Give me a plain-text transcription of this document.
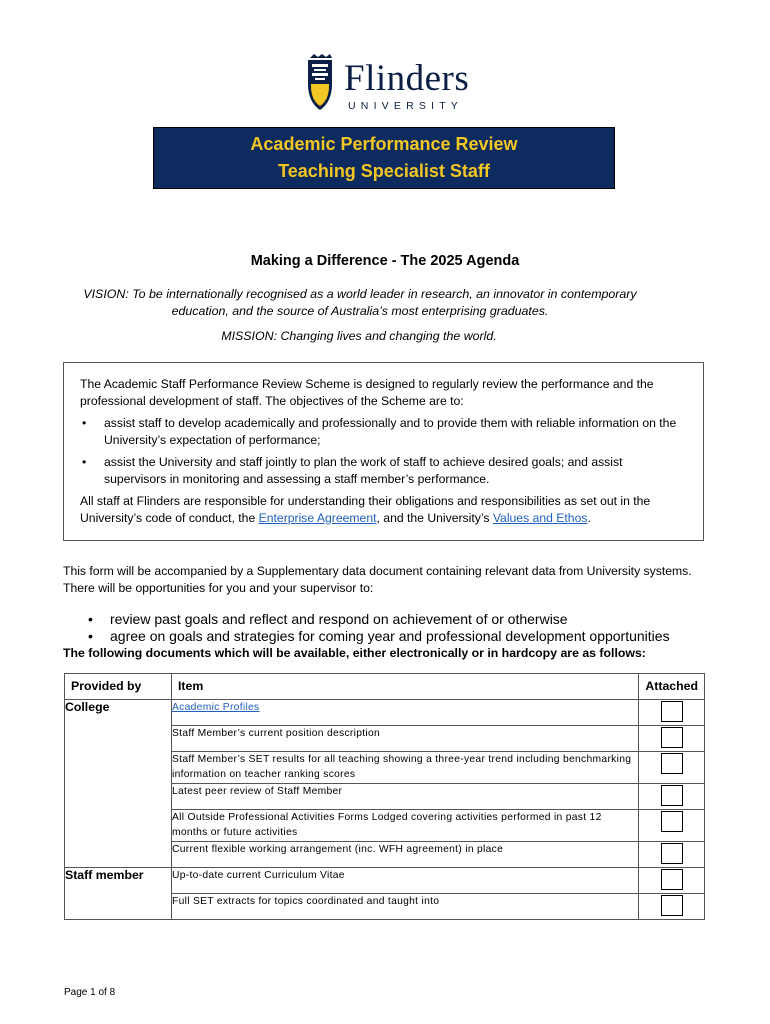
Flinders
UNIVERSITY
Academic Performance Review
Teaching Specialist Staff
Making a Difference - The 2025 Agenda
VISION: To be internationally recognised as a world leader in research, an innovator in contemporary education, and the source of Australia’s most enterprising graduates.
MISSION: Changing lives and changing the world.

The Academic Staff Performance Review Scheme is designed to regularly review the performance and the professional development of staff. The objectives of the Scheme are to:

• assist staff to develop academically and professionally and to provide them with reliable information on the University’s expectation of performance;
• assist the University and staff jointly to plan the work of staff to achieve desired goals; and assist supervisors in monitoring and assessing a staff member’s performance.

All staff at Flinders are responsible for understanding their obligations and responsibilities as set out in the University’s code of conduct, the Enterprise Agreement, and the University’s Values and Ethos.

This form will be accompanied by a Supplementary data document containing relevant data from University systems. There will be opportunities for you and your supervisor to:
• review past goals and reflect and respond on achievement of or otherwise
• agree on goals and strategies for coming year and professional development opportunities
The following documents which will be available, either electronically or in hardcopy are as follows:
Provided by	Item	Attached
College	Academic Profiles	
	Staff Member’s current position description	
	Staff Member’s SET results for all teaching showing a three-year trend including benchmarking information on teacher ranking scores	
	Latest peer review of Staff Member	
	All Outside Professional Activities Forms Lodged covering activities performed in past 12 months or future activities	
	Current flexible working arrangement (inc. WFH agreement) in place	
Staff member	Up-to-date current Curriculum Vitae	
	Full SET extracts for topics coordinated and taught into	
Page 1 of 8
